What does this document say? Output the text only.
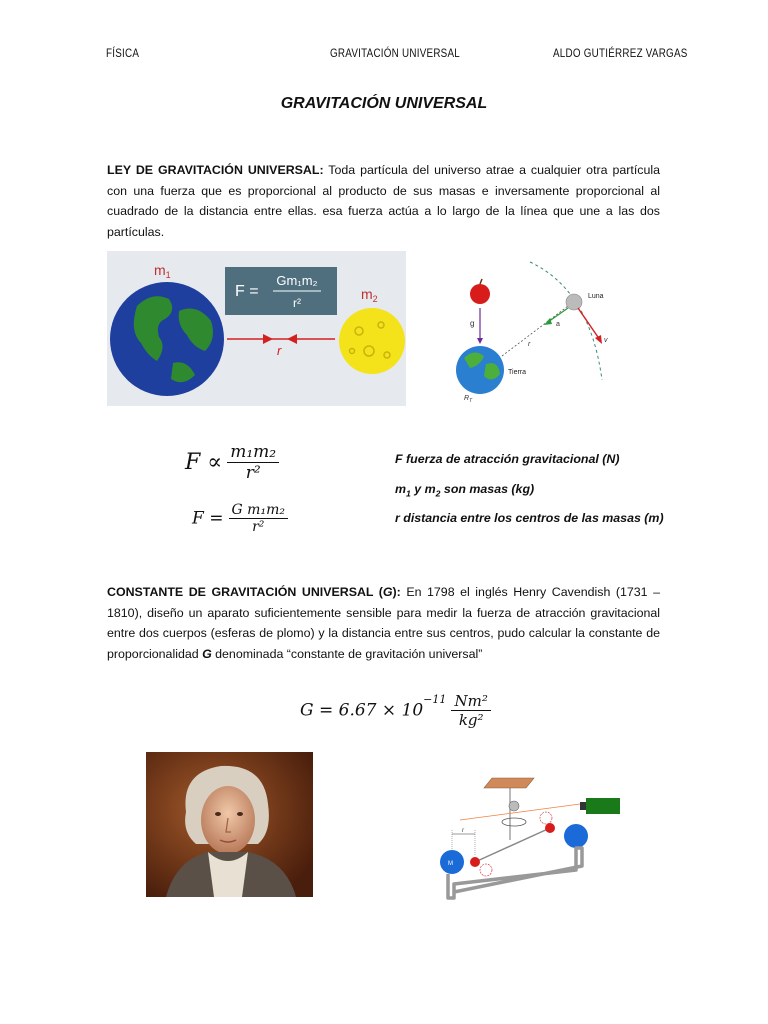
FÍSICA	GRAVITACIÓN UNIVERSAL	ALDO GUTIÉRREZ VARGAS
GRAVITACIÓN UNIVERSAL
LEY DE GRAVITACIÓN UNIVERSAL: Toda partícula del universo atrae a cualquier otra partícula con una fuerza que es proporcional al producto de sus masas e inversamente proporcional al cuadrado de la distancia entre ellas. esa fuerza actúa a lo largo de la línea que une a las dos partículas.
$m_1$
F =
Gm₁m₂
r²
$m_2$
r
g
Tierra
$R_T$
r
Luna
a
v
$F \propto \frac{\text{m₁m₂}}{\text{r²}}$
$F = \frac{\text{G m₁m₂}}{\text{r²}}$
F fuerza de atracción gravitacional (N)
$m_1$ y $m_2$ son masas (kg)
r distancia entre los centros de las masas (m)
CONSTANTE DE GRAVITACIÓN UNIVERSAL (G): En 1798 el inglés Henry Cavendish (1731 – 1810), diseño un aparato suficientemente sensible para medir la fuerza de atracción gravitacional entre dos cuerpos (esferas de plomo) y la distancia entre sus centros, pudo calcular la constante de proporcionalidad G denominada “constante de gravitación universal”
$G = 6.67 \times 10^{-11} \frac{\text{Nm²}}{\text{kg²}}$
M
r
